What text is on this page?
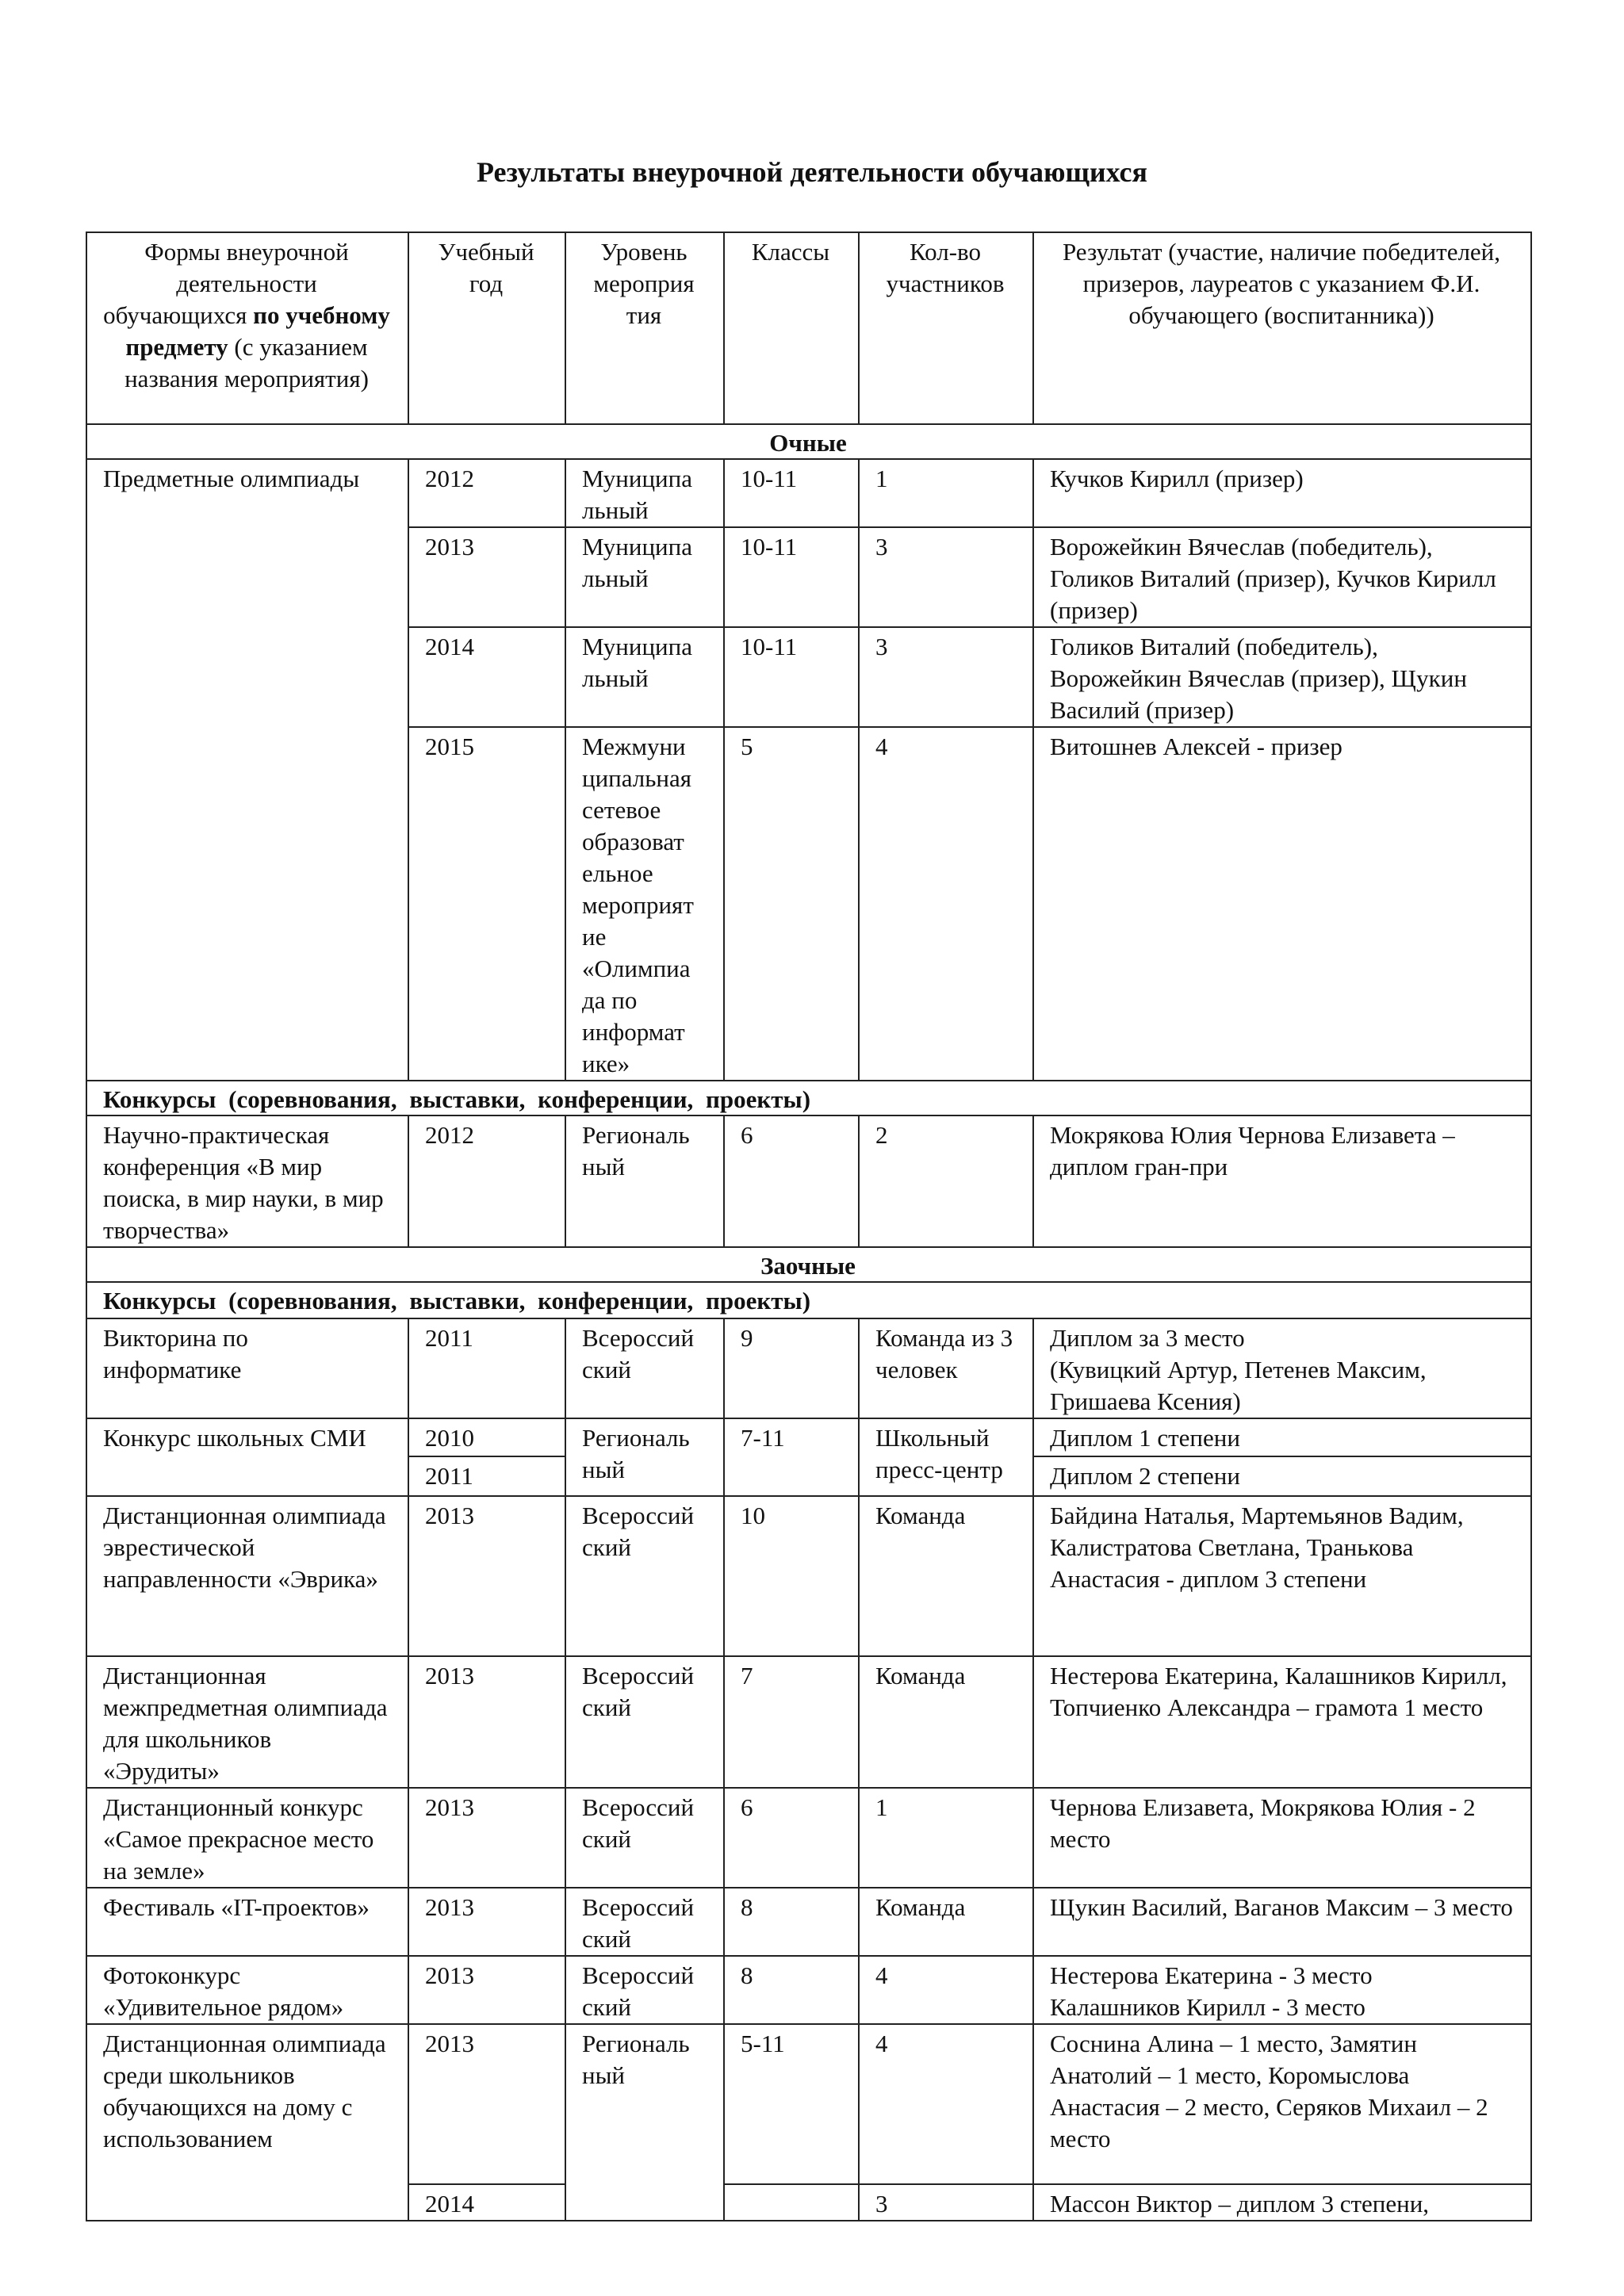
Результаты внеурочной деятельности обучающихся
Формы внеурочной деятельности обучающихся по учебному предмету (с указанием названия мероприятия)	Учебный год	Уровень мероприя тия	Классы	Кол-во участников	Результат (участие, наличие победителей, призеров, лауреатов с указанием Ф.И. обучающего (воспитанника))
Очные					
Предметные олимпиады	2012	Муниципа льный	10-11	1	Кучков Кирилл (призер)
	2013	Муниципа льный	10-11	3	Ворожейкин Вячеслав (победитель), Голиков Виталий (призер), Кучков Кирилл (призер)
	2014	Муниципа льный	10-11	3	Голиков Виталий (победитель), Ворожейкин Вячеслав (призер), Щукин Василий (призер)
	2015	Межмуни ципальная сетевое образоват ельное мероприят ие «Олимпиа да по информат ике»	5	4	Витошнев Алексей - призер
Конкурсы (соревнования, выставки, конференции, проекты)					
Научно-практическая конференция «В мир поиска, в мир науки, в мир творчества»	2012	Региональ ный	6	2	Мокрякова Юлия Чернова Елизавета – диплом гран-при
Заочные					
Конкурсы (соревнования, выставки, конференции, проекты)					
Викторина по информатике	2011	Всероссий ский	9	Команда из 3 человек	Диплом за 3 место
(Кувицкий Артур, Петенев Максим, Гришаева Ксения)

Конкурс школьных СМИ	2010	Региональ ный	7-11	Школьный пресс-центр	Диплом 1 степени
	2011				Диплом 2 степени
Дистанционная олимпиада эврестической направленности «Эврика»	2013	Всероссий ский	10	Команда	Байдина Наталья, Мартемьянов Вадим, Калистратова Светлана, Транькова Анастасия - диплом 3 степени
Дистанционная межпредметная олимпиада для школьников «Эрудиты»	2013	Всероссий ский	7	Команда	Нестерова Екатерина, Калашников Кирилл, Топчиенко Александра – грамота 1 место
Дистанционный конкурс «Самое прекрасное место на земле»	2013	Всероссий ский	6	1	Чернова Елизавета, Мокрякова Юлия - 2 место
Фестиваль «IT-проектов»	2013	Всероссий ский	8	Команда	Щукин Василий, Ваганов Максим – 3 место
Фотоконкурс «Удивительное рядом»	2013	Всероссий ский	8	4	Нестерова Екатерина - 3 место
Калашников Кирилл - 3 место

Дистанционная олимпиада среди школьников обучающихся на дому с использованием	2013	Региональ ный	5-11	4	Соснина Алина – 1 место, Замятин Анатолий – 1 место, Коромыслова Анастасия – 2 место, Серяков Михаил – 2 место
	2014			3	Массон Виктор – диплом 3 степени,
